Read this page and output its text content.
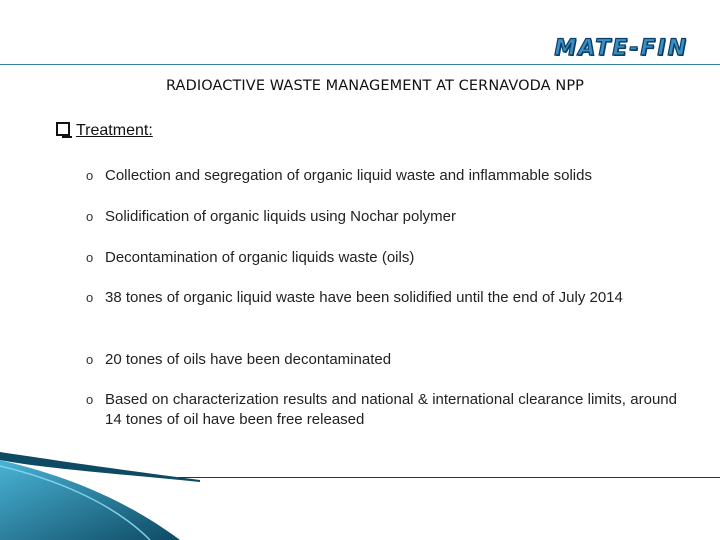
MATE-FIN
RADIOACTIVE WASTE MANAGEMENT AT CERNAVODA NPP
Treatment:
o Collection and segregation of organic liquid waste and inflammable solids
o Solidification of organic liquids using Nochar polymer
o Decontamination of organic liquids waste (oils)
o 38 tones of organic liquid waste have been solidified until the end of July 2014
o 20 tones of oils have been decontaminated
o Based on characterization results and national & international clearance limits, around 14 tones of oil have been free released
